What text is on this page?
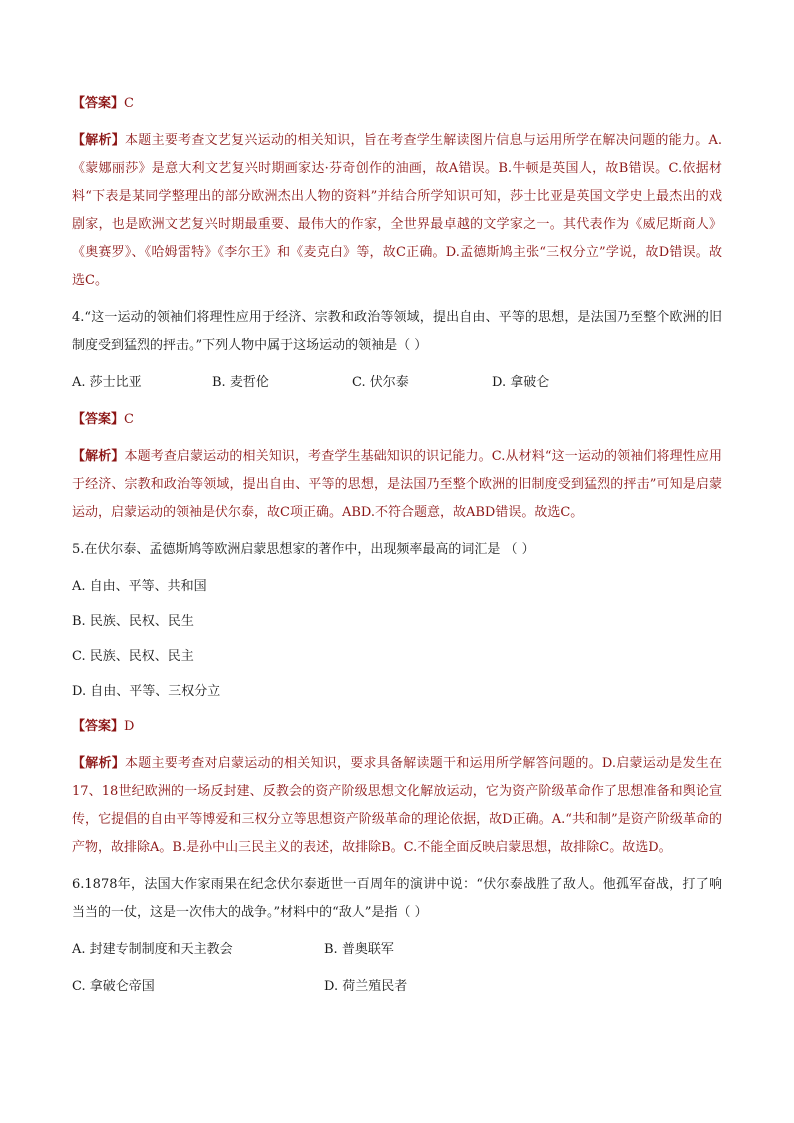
【答案】C

【解析】本题主要考查文艺复兴运动的相关知识，旨在考查学生解读图片信息与运用所学在解决问题的能力。A.《蒙娜丽莎》是意大利文艺复兴时期画家达·芬奇创作的油画，故A错误。B.牛顿是英国人，故B错误。C.依据材料“下表是某同学整理出的部分欧洲杰出人物的资料”并结合所学知识可知，莎士比亚是英国文学史上最杰出的戏剧家，也是欧洲文艺复兴时期最重要、最伟大的作家，全世界最卓越的文学家之一。其代表作为《威尼斯商人》《奥赛罗》、《哈姆雷特》《李尔王》和《麦克白》等，故C正确。D.孟德斯鸠主张“三权分立”学说，故D错误。故选C。

4.“这一运动的领袖们将理性应用于经济、宗教和政治等领域，提出自由、平等的思想，是法国乃至整个欧洲的旧制度受到猛烈的抨击。”下列人物中属于这场运动的领袖是（ ）

A. 莎士比亚	B. 麦哲伦	C. 伏尔泰	D. 拿破仑

【答案】C

【解析】本题考查启蒙运动的相关知识，考查学生基础知识的识记能力。C.从材料“这一运动的领袖们将理性应用于经济、宗教和政治等领域，提出自由、平等的思想，是法国乃至整个欧洲的旧制度受到猛烈的抨击”可知是启蒙运动，启蒙运动的领袖是伏尔泰，故C项正确。ABD.不符合题意，故ABD错误。故选C。

5.在伏尔泰、孟德斯鸠等欧洲启蒙思想家的著作中，出现频率最高的词汇是 （ ）

A. 自由、平等、共和国
B. 民族、民权、民生
C. 民族、民权、民主
D. 自由、平等、三权分立

【答案】D

【解析】本题主要考查对启蒙运动的相关知识，要求具备解读题干和运用所学解答问题的。D.启蒙运动是发生在17、18世纪欧洲的一场反封建、反教会的资产阶级思想文化解放运动，它为资产阶级革命作了思想准备和舆论宣传，它提倡的自由平等博爱和三权分立等思想资产阶级革命的理论依据，故D正确。A.“共和制”是资产阶级革命的产物，故排除A。B.是孙中山三民主义的表述，故排除B。C.不能全面反映启蒙思想，故排除C。故选D。

6.1878年，法国大作家雨果在纪念伏尔泰逝世一百周年的演讲中说：“伏尔泰战胜了敌人。他孤军奋战，打了响当当的一仗，这是一次伟大的战争。”材料中的“敌人”是指（ ）

A. 封建专制制度和天主教会	B. 普奥联军
C. 拿破仑帝国	D. 荷兰殖民者
